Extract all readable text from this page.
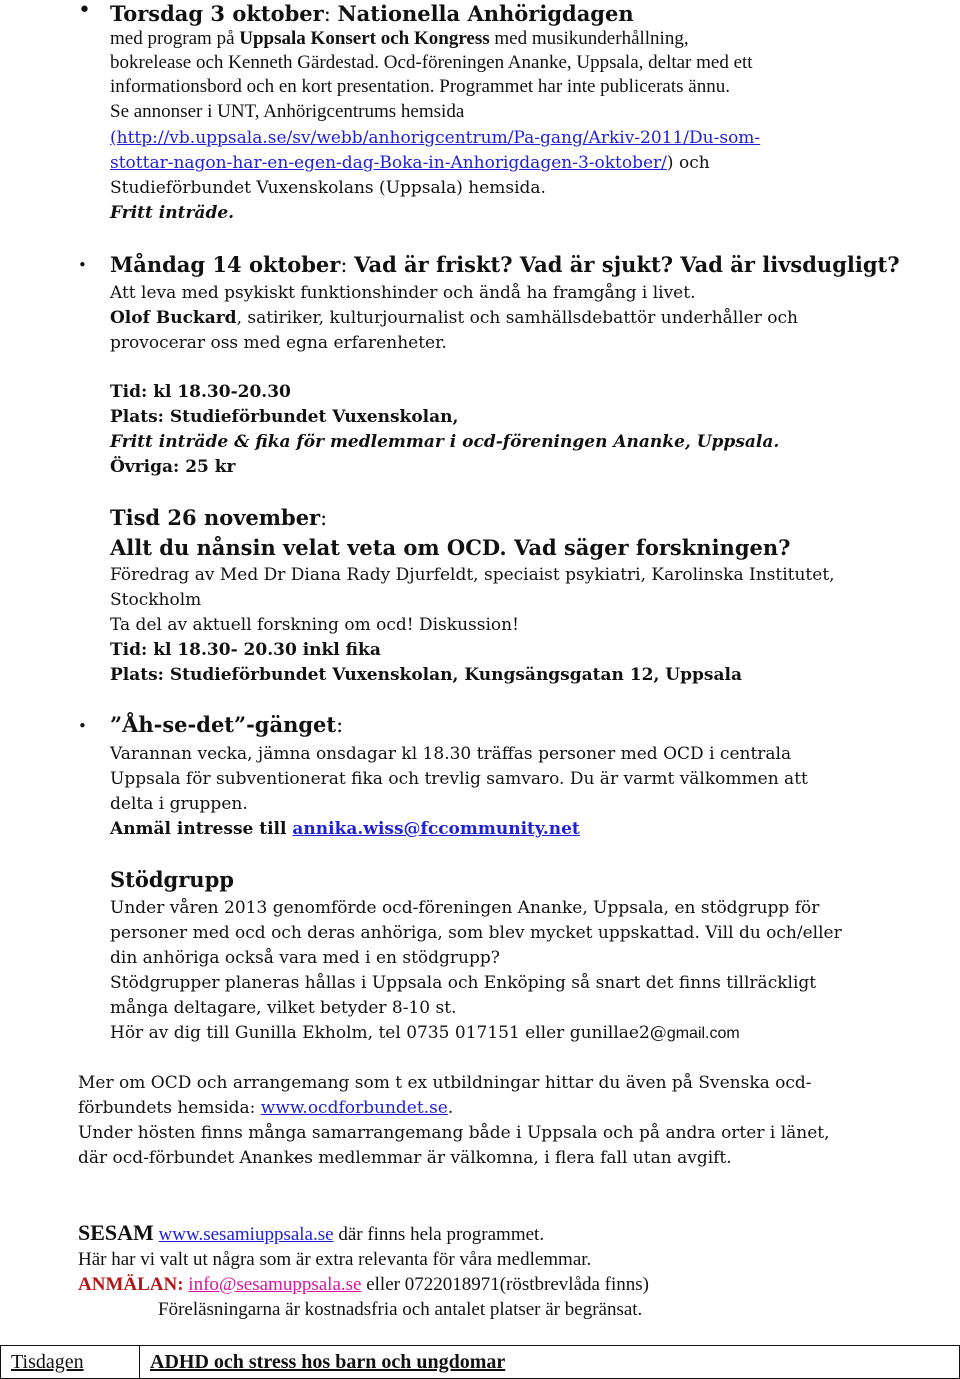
• Torsdag 3 oktober: Nationella Anhörigdagen
med program på Uppsala Konsert och Kongress med musikunderhållning,
bokrelease och Kenneth Gärdestad. Ocd-föreningen Ananke, Uppsala, deltar med ett
informationsbord och en kort presentation. Programmet har inte publicerats ännu.
Se annonser i UNT, Anhörigcentrums hemsida
(http://vb.uppsala.se/sv/webb/anhorigcentrum/Pa-gang/Arkiv-2011/Du-som-
stottar-nagon-har-en-egen-dag-Boka-in-Anhorigdagen-3-oktober/) och
Studieförbundet Vuxenskolans (Uppsala) hemsida.
Fritt inträde.
• Måndag 14 oktober: Vad är friskt? Vad är sjukt? Vad är livsdugligt?
Att leva med psykiskt funktionshinder och ändå ha framgång i livet.
Olof Buckard, satiriker, kulturjournalist och samhällsdebattör underhåller och
provocerar oss med egna erfarenheter.
Tid: kl 18.30-20.30
Plats: Studieförbundet Vuxenskolan,
Fritt inträde & fika för medlemmar i ocd-föreningen Ananke, Uppsala.
Övriga: 25 kr
Tisd 26 november:
Allt du nånsin velat veta om OCD. Vad säger forskningen?
Föredrag av Med Dr Diana Rady Djurfeldt, speciaist psykiatri, Karolinska Institutet,
Stockholm
Ta del av aktuell forskning om ocd! Diskussion!
Tid: kl 18.30- 20.30 inkl fika
Plats: Studieförbundet Vuxenskolan, Kungsängsgatan 12, Uppsala
• ”Åh-se-det”-gänget:
Varannan vecka, jämna onsdagar kl 18.30 träffas personer med OCD i centrala
Uppsala för subventionerat fika och trevlig samvaro. Du är varmt välkommen att
delta i gruppen.
Anmäl intresse till annika.wiss@fccommunity.net
Stödgrupp
Under våren 2013 genomförde ocd-föreningen Ananke, Uppsala, en stödgrupp för
personer med ocd och deras anhöriga, som blev mycket uppskattad. Vill du och/eller
din anhöriga också vara med i en stödgrupp?
Stödgrupper planeras hållas i Uppsala och Enköping så snart det finns tillräckligt
många deltagare, vilket betyder 8-10 st.
Hör av dig till Gunilla Ekholm, tel 0735 017151 eller gunillae2@gmail.com
Mer om OCD och arrangemang som t ex utbildningar hittar du även på Svenska ocd-
förbundets hemsida: www.ocdforbundet.se.
Under hösten finns många samarrangemang både i Uppsala och på andra orter i länet,
där ocd-förbundet Ananke̶s medlemmar är välkomna, i flera fall utan avgift.
SESAM www.sesamiuppsala.se där finns hela programmet.
Här har vi valt ut några som är extra relevanta för våra medlemmar.
ANMÄLAN: info@sesamuppsala.se eller 0722018971(röstbrevlåda finns)
Föreläsningarna är kostnadsfria och antalet platser är begränsat.
Tisdagen	ADHD och stress hos barn och ungdomar
